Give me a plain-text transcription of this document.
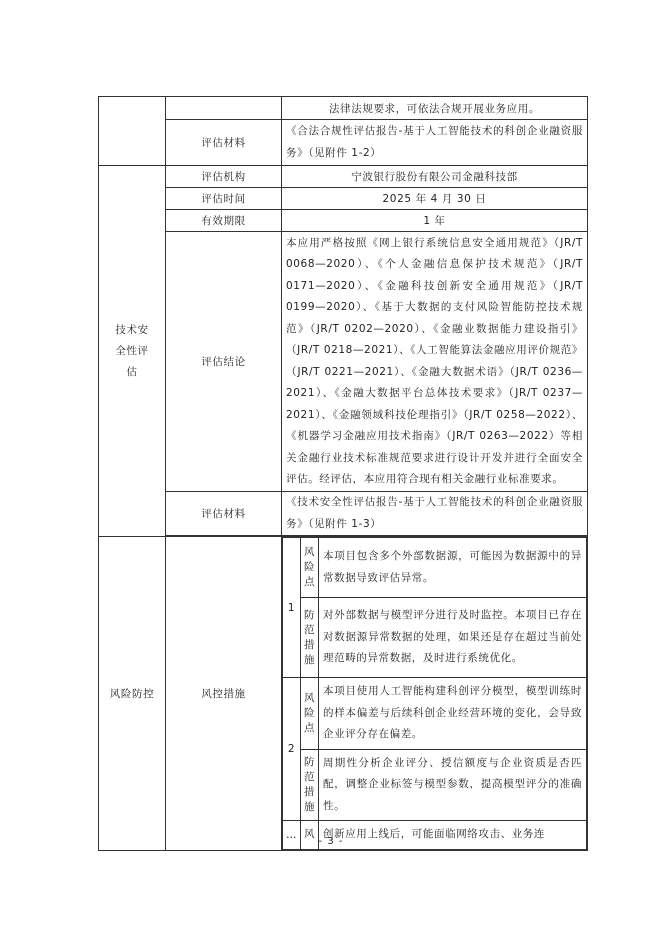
		法律法规要求，可依法合规开展业务应用。
评估材料	《合法合规性评估报告-基于人工智能技术的科创企业融资服务》（见附件 1-2）
技术安全性评估	评估机构	宁波银行股份有限公司金融科技部
评估时间	2025 年 4 月 30 日
有效期限	1 年
评估结论	本应用严格按照《网上银行系统信息安全通用规范》（JR/T 0068—2020）、《个人金融信息保护技术规范》（JR/T 0171—2020）、《金融科技创新安全通用规范》（JR/T 0199—2020）、《基于大数据的支付风险智能防控技术规范》（JR/T 0202—2020）、《金融业数据能力建设指引》（JR/T 0218—2021）、《人工智能算法金融应用评价规范》（JR/T 0221—2021）、《金融大数据术语》（JR/T 0236—2021）、《金融大数据平台总体技术要求》（JR/T 0237—2021）、《金融领域科技伦理指引》（JR/T 0258—2022）、《机器学习金融应用技术指南》（JR/T 0263—2022）等相关金融行业技术标准规范要求进行设计开发并进行全面安全评估。经评估，本应用符合现有相关金融行业标准要求。
评估材料	《技术安全性评估报告-基于人工智能技术的科创企业融资服务》（见附件 1-3）

风险防控	风控措施	
1	风险点	本项目包含多个外部数据源，可能因为数据源中的异常数据导致评估异常。
防范措施	对外部数据与模型评分进行及时监控。本项目已存在对数据源异常数据的处理，如果还是存在超过当前处理范畴的异常数据，及时进行系统优化。
2	风险点	本项目使用人工智能构建科创评分模型，模型训练时的样本偏差与后续科创企业经营环境的变化，会导致企业评分存在偏差。
防范措施	周期性分析企业评分、授信额度与企业资质是否匹配，调整企业标签与模型参数，提高模型评分的准确性。
…	风	创新应用上线后，可能面临网络攻击、业务连
- 3 -
